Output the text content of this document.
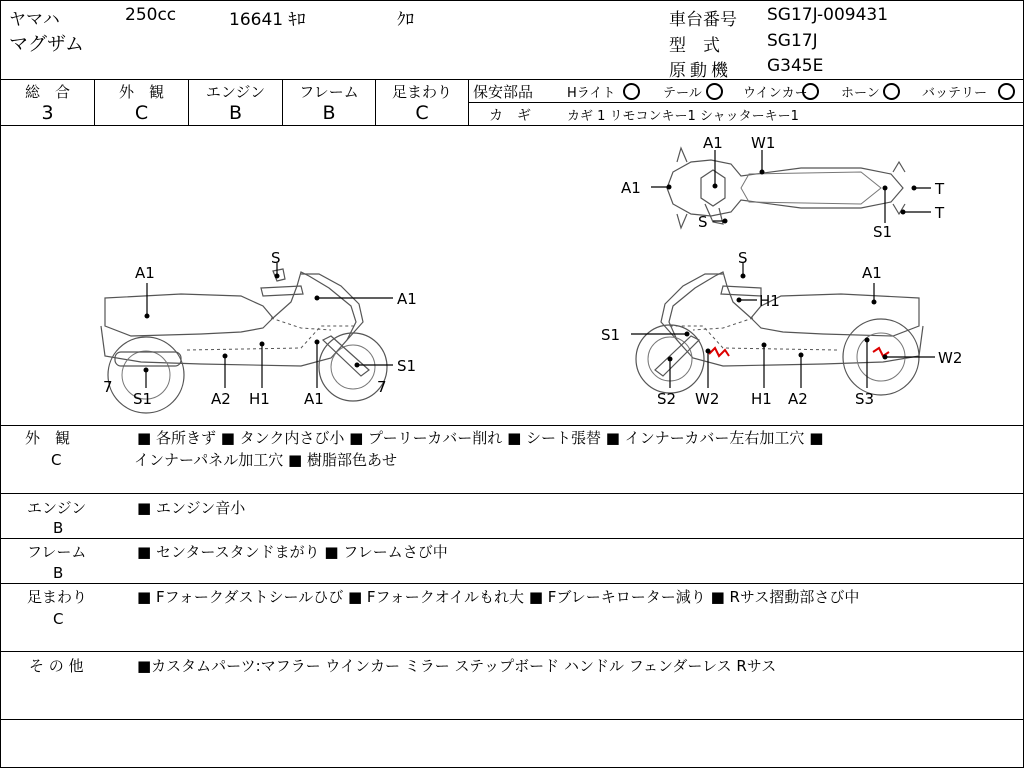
ヤマハ	250cc	16641 ｷﾛ	ｸﾛ
マグザム
車台番号 SG17J-009431
型　式	SG17J
原動機 G345E
総　合
3
外　観
C
エンジン
B
フレーム
B
足まわり
C
保安部品	Hライト	テール	ウインカー	ホーン	バッテリー
カ　ギ	カギ 1 リモコンキー1 シャッターキー1
A1
S
A1
S1
7	7
S1	A2 H1 A1
A1 W1
A1
S
T
T
S1
S
A1
H1
S1
W2
S2 W2 H1 A2	S3
外　観
C
■ 各所きず ■ タンク内さび小 ■ プーリーカバー削れ ■ シート張替 ■ インナーカバー左右加工穴 ■
インナーパネル加工穴 ■ 樹脂部色あせ
エンジン
B
■ エンジン音小
フレーム
B
■ センタースタンドまがり ■ フレームさび中
足まわり
C
■ Fフォークダストシールひび ■ Fフォークオイルもれ大 ■ Fブレーキローター減り ■ Rサス摺動部さび中
そ の 他	■カスタムパーツ:マフラー ウインカー ミラー ステップボード ハンドル フェンダーレス Rサス
